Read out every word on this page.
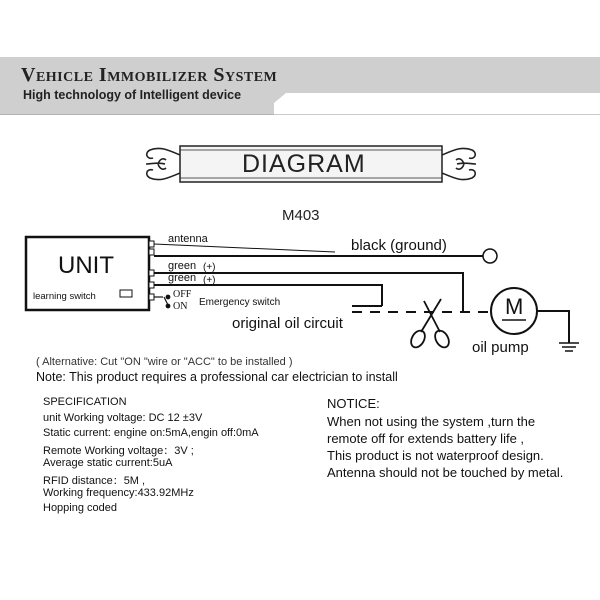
Vehicle Immobilizer System
High technology of Intelligent device
DIAGRAM
M403
UNIT
learning switch
antenna	black (ground)
green (+)
green (+)
OFF
ON Emergency switch
original oil circuit
oil pump
M
( Alternative: Cut "ON "wire or "ACC" to be installed )
Note: This product requires a professional car electrician to install
SPECIFICATION
unit Working voltage: DC 12 ±3V
Static current: engine on:5mA,engin off:0mA
Remote Working voltage：3V ;
Average static current:5uA
RFID distance：5M ,
Working frequency:433.92MHz
Hopping coded
NOTICE:
When not using the system ,turn the
remote off for extends battery life ,
This product is not waterproof design.
Antenna should not be touched by metal.
